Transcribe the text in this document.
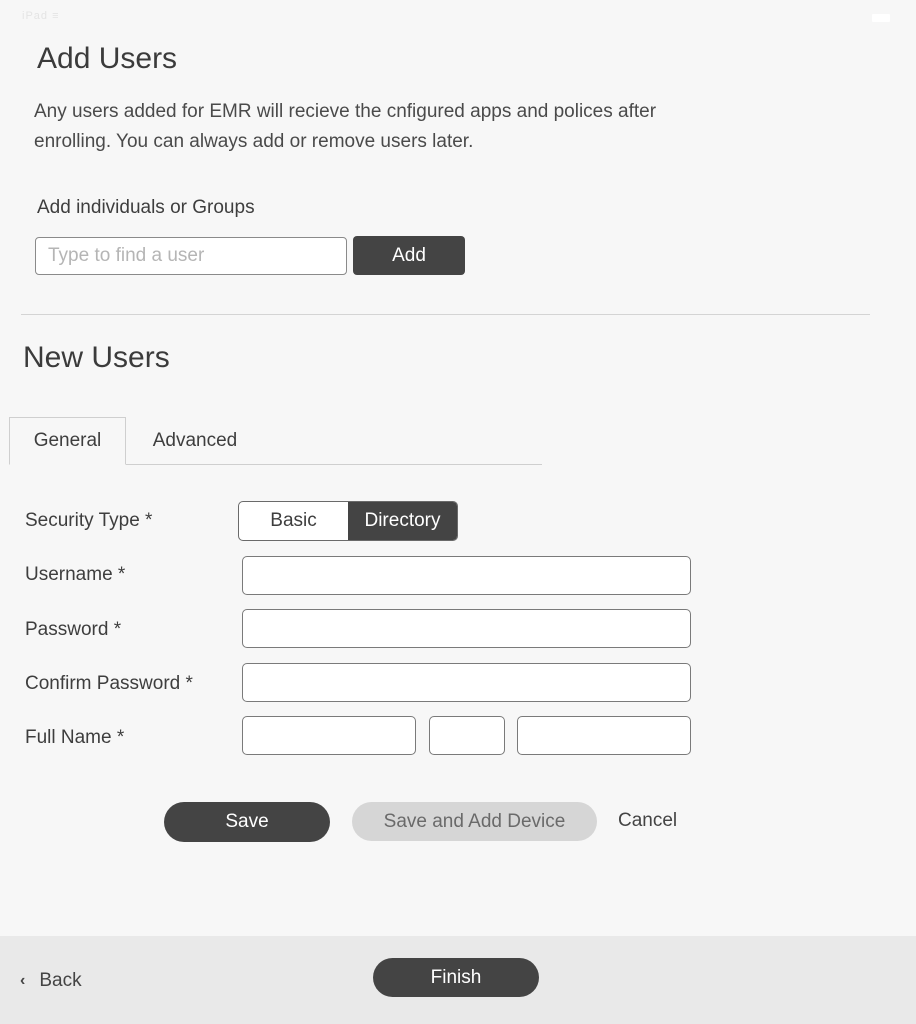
iPad ≡
Add Users

Any users added for EMR will recieve the cnfigured apps and polices after enrolling. You can always add or remove users later.

Add individuals or Groups
Type to find a user
Add
New Users
General	Advanced
Security Type *	Basic	Directory
Username *
Password *
Confirm Password *
Full Name *
Save	Save and Add Device	Cancel
‹ Back	Finish
